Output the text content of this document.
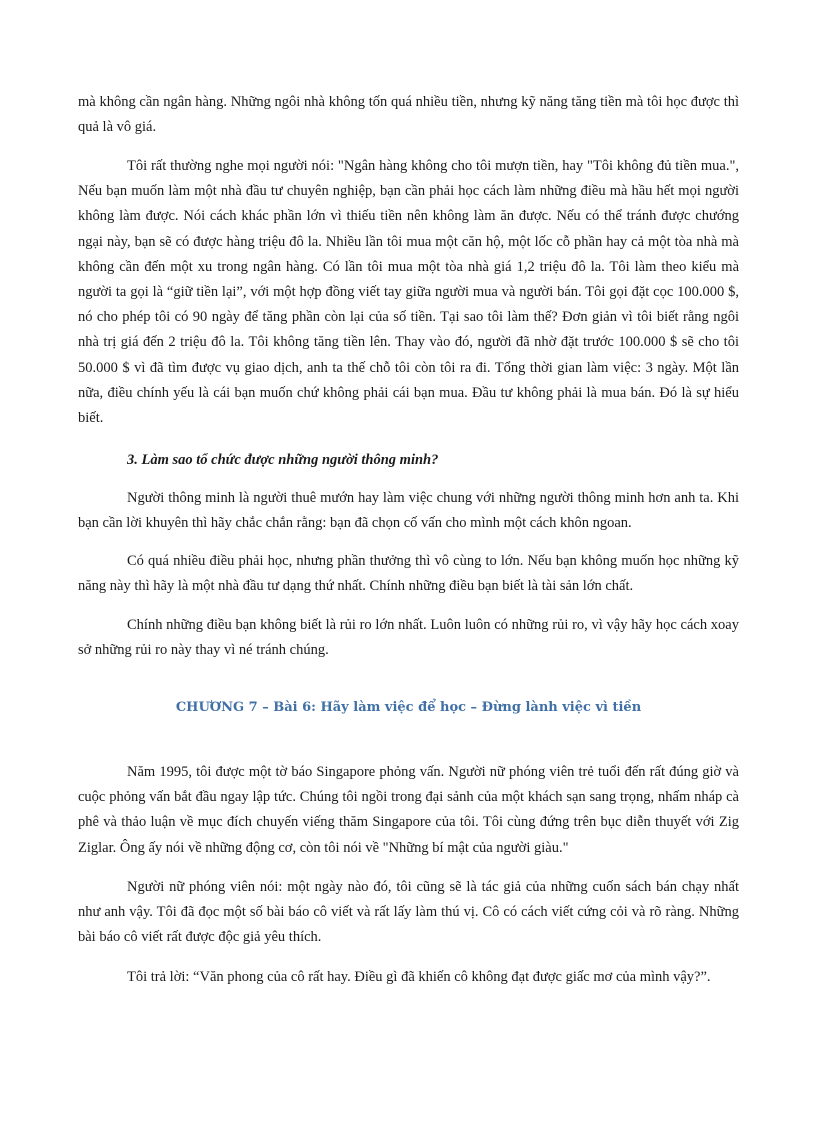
mà không cần ngân hàng. Những ngôi nhà không tốn quá nhiều tiền, nhưng kỹ năng tăng tiền mà tôi học được thì quả là vô giá.

Tôi rất thường nghe mọi người nói: "Ngân hàng không cho tôi mượn tiền, hay "Tôi không đủ tiền mua.", Nếu bạn muốn làm một nhà đầu tư chuyên nghiệp, bạn cần phải học cách làm những điều mà hầu hết mọi người không làm được. Nói cách khác phần lớn vì thiếu tiền nên không làm ăn được. Nếu có thể tránh được chướng ngại này, bạn sẽ có được hàng triệu đô la. Nhiều lần tôi mua một căn hộ, một lốc cỗ phần hay cả một tòa nhà mà không cần đến một xu trong ngân hàng. Có lần tôi mua một tòa nhà giá 1,2 triệu đô la. Tôi làm theo kiểu mà người ta gọi là “giữ tiền lại”, với một hợp đồng viết tay giữa người mua và người bán. Tôi gọi đặt cọc 100.000 $, nó cho phép tôi có 90 ngày để tăng phần còn lại của số tiền. Tại sao tôi làm thế? Đơn giản vì tôi biết rằng ngôi nhà trị giá đến 2 triệu đô la. Tôi không tăng tiền lên. Thay vào đó, người đã nhờ đặt trước 100.000 $ sẽ cho tôi 50.000 $ vì đã tìm được vụ giao dịch, anh ta thế chỗ tôi còn tôi ra đi. Tổng thời gian làm việc: 3 ngày. Một lần nữa, điều chính yếu là cái bạn muốn chứ không phải cái bạn mua. Đầu tư không phải là mua bán. Đó là sự hiểu biết.

3. Làm sao tổ chức được những người thông minh?

Người thông minh là người thuê mướn hay làm việc chung với những người thông minh hơn anh ta. Khi bạn cần lời khuyên thì hãy chắc chắn rằng: bạn đã chọn cố vấn cho mình một cách khôn ngoan.

Có quá nhiều điều phải học, nhưng phần thưởng thì vô cùng to lớn. Nếu bạn không muốn học những kỹ năng này thì hãy là một nhà đầu tư dạng thứ nhất. Chính những điều bạn biết là tài sản lớn chất.

Chính những điều bạn không biết là rủi ro lớn nhất. Luôn luôn có những rủi ro, vì vậy hãy học cách xoay sở những rủi ro này thay vì né tránh chúng.

CHƯƠNG 7 – Bài 6: Hãy làm việc để học – Đừng lành việc vì tiền

Năm 1995, tôi được một tờ báo Singapore phỏng vấn. Người nữ phóng viên trẻ tuổi đến rất đúng giờ và cuộc phỏng vấn bắt đầu ngay lập tức. Chúng tôi ngồi trong đại sảnh của một khách sạn sang trọng, nhấm nháp cà phê và thảo luận về mục đích chuyến viếng thăm Singapore của tôi. Tôi cùng đứng trên bục diễn thuyết với Zig Ziglar. Ông ấy nói về những động cơ, còn tôi nói về "Những bí mật của người giàu."

Người nữ phóng viên nói: một ngày nào đó, tôi cũng sẽ là tác giả của những cuốn sách bán chạy nhất như anh vậy. Tôi đã đọc một số bài báo cô viết và rất lấy làm thú vị. Cô có cách viết cứng cỏi và rõ ràng. Những bài báo cô viết rất được độc giả yêu thích.

Tôi trả lời: “Văn phong của cô rất hay. Điều gì đã khiến cô không đạt được giấc mơ của mình vậy?”.
